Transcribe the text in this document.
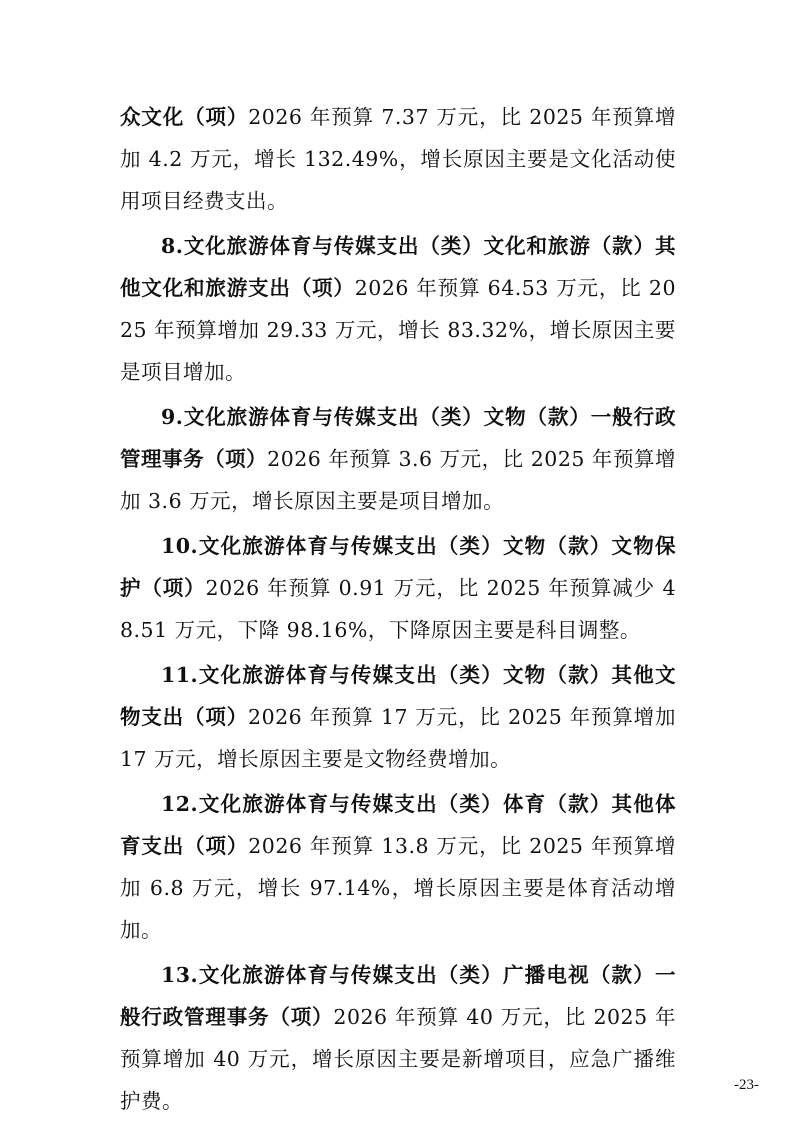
众文化（项）2026 年预算 7.37 万元，比 2025 年预算增加 4.2 万元，增长 132.49%，增长原因主要是文化活动使用项目经费支出。

8.文化旅游体育与传媒支出（类）文化和旅游（款）其他文化和旅游支出（项）2026 年预算 64.53 万元，比 2025 年预算增加 29.33 万元，增长 83.32%，增长原因主要是项目增加。

9.文化旅游体育与传媒支出（类）文物（款）一般行政管理事务（项）2026 年预算 3.6 万元，比 2025 年预算增加 3.6 万元，增长原因主要是项目增加。

10.文化旅游体育与传媒支出（类）文物（款）文物保护（项）2026 年预算 0.91 万元，比 2025 年预算减少 48.51 万元，下降 98.16%，下降原因主要是科目调整。

11.文化旅游体育与传媒支出（类）文物（款）其他文物支出（项）2026 年预算 17 万元，比 2025 年预算增加 17 万元，增长原因主要是文物经费增加。

12.文化旅游体育与传媒支出（类）体育（款）其他体育支出（项）2026 年预算 13.8 万元，比 2025 年预算增加 6.8 万元，增长 97.14%，增长原因主要是体育活动增加。

13.文化旅游体育与传媒支出（类）广播电视（款）一般行政管理事务（项）2026 年预算 40 万元，比 2025 年预算增加 40 万元，增长原因主要是新增项目，应急广播维护费。

-23-
